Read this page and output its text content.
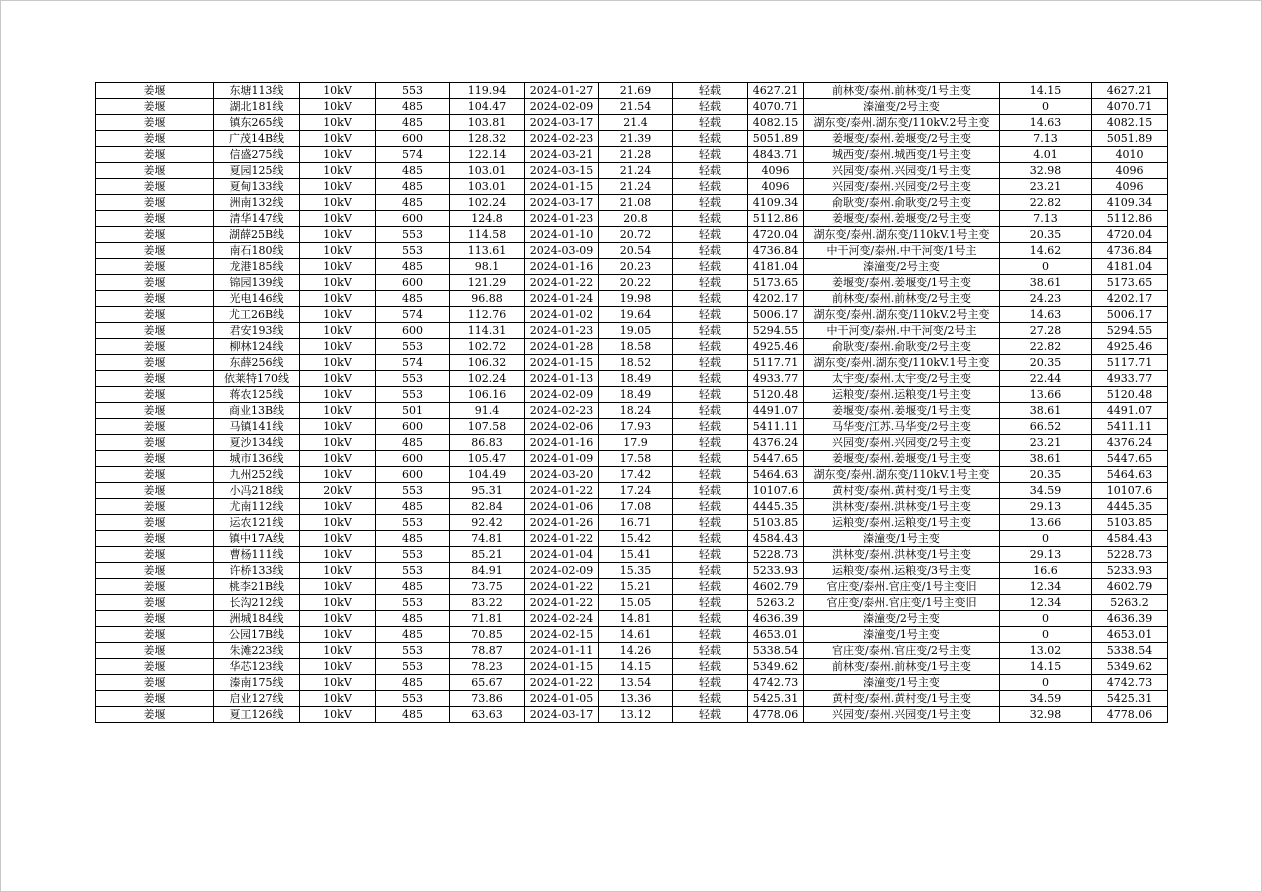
姜堰	东塘113线	10kV	553	119.94	2024-01-27	21.69	轻载	4627.21	前林变/泰州.前林变/1号主变	14.15	4627.21
姜堰	湖北181线	10kV	485	104.47	2024-02-09	21.54	轻载	4070.71	溱潼变/2号主变	0	4070.71
姜堰	镇东265线	10kV	485	103.81	2024-03-17	21.4	轻载	4082.15	湖东变/泰州.湖东变/110kV.2号主变	14.63	4082.15
姜堰	广茂14B线	10kV	600	128.32	2024-02-23	21.39	轻载	5051.89	姜堰变/泰州.姜堰变/2号主变	7.13	5051.89
姜堰	信盛275线	10kV	574	122.14	2024-03-21	21.28	轻载	4843.71	城西变/泰州.城西变/1号主变	4.01	4010
姜堰	夏园125线	10kV	485	103.01	2024-03-15	21.24	轻载	4096	兴园变/泰州.兴园变/1号主变	32.98	4096
姜堰	夏甸133线	10kV	485	103.01	2024-01-15	21.24	轻载	4096	兴园变/泰州.兴园变/2号主变	23.21	4096
姜堰	洲南132线	10kV	485	102.24	2024-03-17	21.08	轻载	4109.34	俞耿变/泰州.俞耿变/2号主变	22.82	4109.34
姜堰	清华147线	10kV	600	124.8	2024-01-23	20.8	轻载	5112.86	姜堰变/泰州.姜堰变/2号主变	7.13	5112.86
姜堰	湖薛25B线	10kV	553	114.58	2024-01-10	20.72	轻载	4720.04	湖东变/泰州.湖东变/110kV.1号主变	20.35	4720.04
姜堰	南石180线	10kV	553	113.61	2024-03-09	20.54	轻载	4736.84	中干河变/泰州.中干河变/1号主	14.62	4736.84
姜堰	龙港185线	10kV	485	98.1	2024-01-16	20.23	轻载	4181.04	溱潼变/2号主变	0	4181.04
姜堰	锦园139线	10kV	600	121.29	2024-01-22	20.22	轻载	5173.65	姜堰变/泰州.姜堰变/1号主变	38.61	5173.65
姜堰	光电146线	10kV	485	96.88	2024-01-24	19.98	轻载	4202.17	前林变/泰州.前林变/2号主变	24.23	4202.17
姜堰	尤工26B线	10kV	574	112.76	2024-01-02	19.64	轻载	5006.17	湖东变/泰州.湖东变/110kV.2号主变	14.63	5006.17
姜堰	君安193线	10kV	600	114.31	2024-01-23	19.05	轻载	5294.55	中干河变/泰州.中干河变/2号主	27.28	5294.55
姜堰	柳林124线	10kV	553	102.72	2024-01-28	18.58	轻载	4925.46	俞耿变/泰州.俞耿变/2号主变	22.82	4925.46
姜堰	东薛256线	10kV	574	106.32	2024-01-15	18.52	轻载	5117.71	湖东变/泰州.湖东变/110kV.1号主变	20.35	5117.71
姜堰	依莱特170线	10kV	553	102.24	2024-01-13	18.49	轻载	4933.77	太宇变/泰州.太宇变/2号主变	22.44	4933.77
姜堰	蒋农125线	10kV	553	106.16	2024-02-09	18.49	轻载	5120.48	运粮变/泰州.运粮变/1号主变	13.66	5120.48
姜堰	商业13B线	10kV	501	91.4	2024-02-23	18.24	轻载	4491.07	姜堰变/泰州.姜堰变/1号主变	38.61	4491.07
姜堰	马镇141线	10kV	600	107.58	2024-02-06	17.93	轻载	5411.11	马华变/江苏.马华变/2号主变	66.52	5411.11
姜堰	夏沙134线	10kV	485	86.83	2024-01-16	17.9	轻载	4376.24	兴园变/泰州.兴园变/2号主变	23.21	4376.24
姜堰	城市136线	10kV	600	105.47	2024-01-09	17.58	轻载	5447.65	姜堰变/泰州.姜堰变/1号主变	38.61	5447.65
姜堰	九州252线	10kV	600	104.49	2024-03-20	17.42	轻载	5464.63	湖东变/泰州.湖东变/110kV.1号主变	20.35	5464.63
姜堰	小冯218线	20kV	553	95.31	2024-01-22	17.24	轻载	10107.6	黄村变/泰州.黄村变/1号主变	34.59	10107.6
姜堰	尤南112线	10kV	485	82.84	2024-01-06	17.08	轻载	4445.35	洪林变/泰州.洪林变/1号主变	29.13	4445.35
姜堰	运农121线	10kV	553	92.42	2024-01-26	16.71	轻载	5103.85	运粮变/泰州.运粮变/1号主变	13.66	5103.85
姜堰	镇中17A线	10kV	485	74.81	2024-01-22	15.42	轻载	4584.43	溱潼变/1号主变	0	4584.43
姜堰	曹杨111线	10kV	553	85.21	2024-01-04	15.41	轻载	5228.73	洪林变/泰州.洪林变/1号主变	29.13	5228.73
姜堰	许桥133线	10kV	553	84.91	2024-02-09	15.35	轻载	5233.93	运粮变/泰州.运粮变/3号主变	16.6	5233.93
姜堰	桃李21B线	10kV	485	73.75	2024-01-22	15.21	轻载	4602.79	官庄变/泰州.官庄变/1号主变旧	12.34	4602.79
姜堰	长沟212线	10kV	553	83.22	2024-01-22	15.05	轻载	5263.2	官庄变/泰州.官庄变/1号主变旧	12.34	5263.2
姜堰	洲城184线	10kV	485	71.81	2024-02-24	14.81	轻载	4636.39	溱潼变/2号主变	0	4636.39
姜堰	公园17B线	10kV	485	70.85	2024-02-15	14.61	轻载	4653.01	溱潼变/1号主变	0	4653.01
姜堰	朱滩223线	10kV	553	78.87	2024-01-11	14.26	轻载	5338.54	官庄变/泰州.官庄变/2号主变	13.02	5338.54
姜堰	华芯123线	10kV	553	78.23	2024-01-15	14.15	轻载	5349.62	前林变/泰州.前林变/1号主变	14.15	5349.62
姜堰	溱南175线	10kV	485	65.67	2024-01-22	13.54	轻载	4742.73	溱潼变/1号主变	0	4742.73
姜堰	启业127线	10kV	553	73.86	2024-01-05	13.36	轻载	5425.31	黄村变/泰州.黄村变/1号主变	34.59	5425.31
姜堰	夏工126线	10kV	485	63.63	2024-03-17	13.12	轻载	4778.06	兴园变/泰州.兴园变/1号主变	32.98	4778.06
